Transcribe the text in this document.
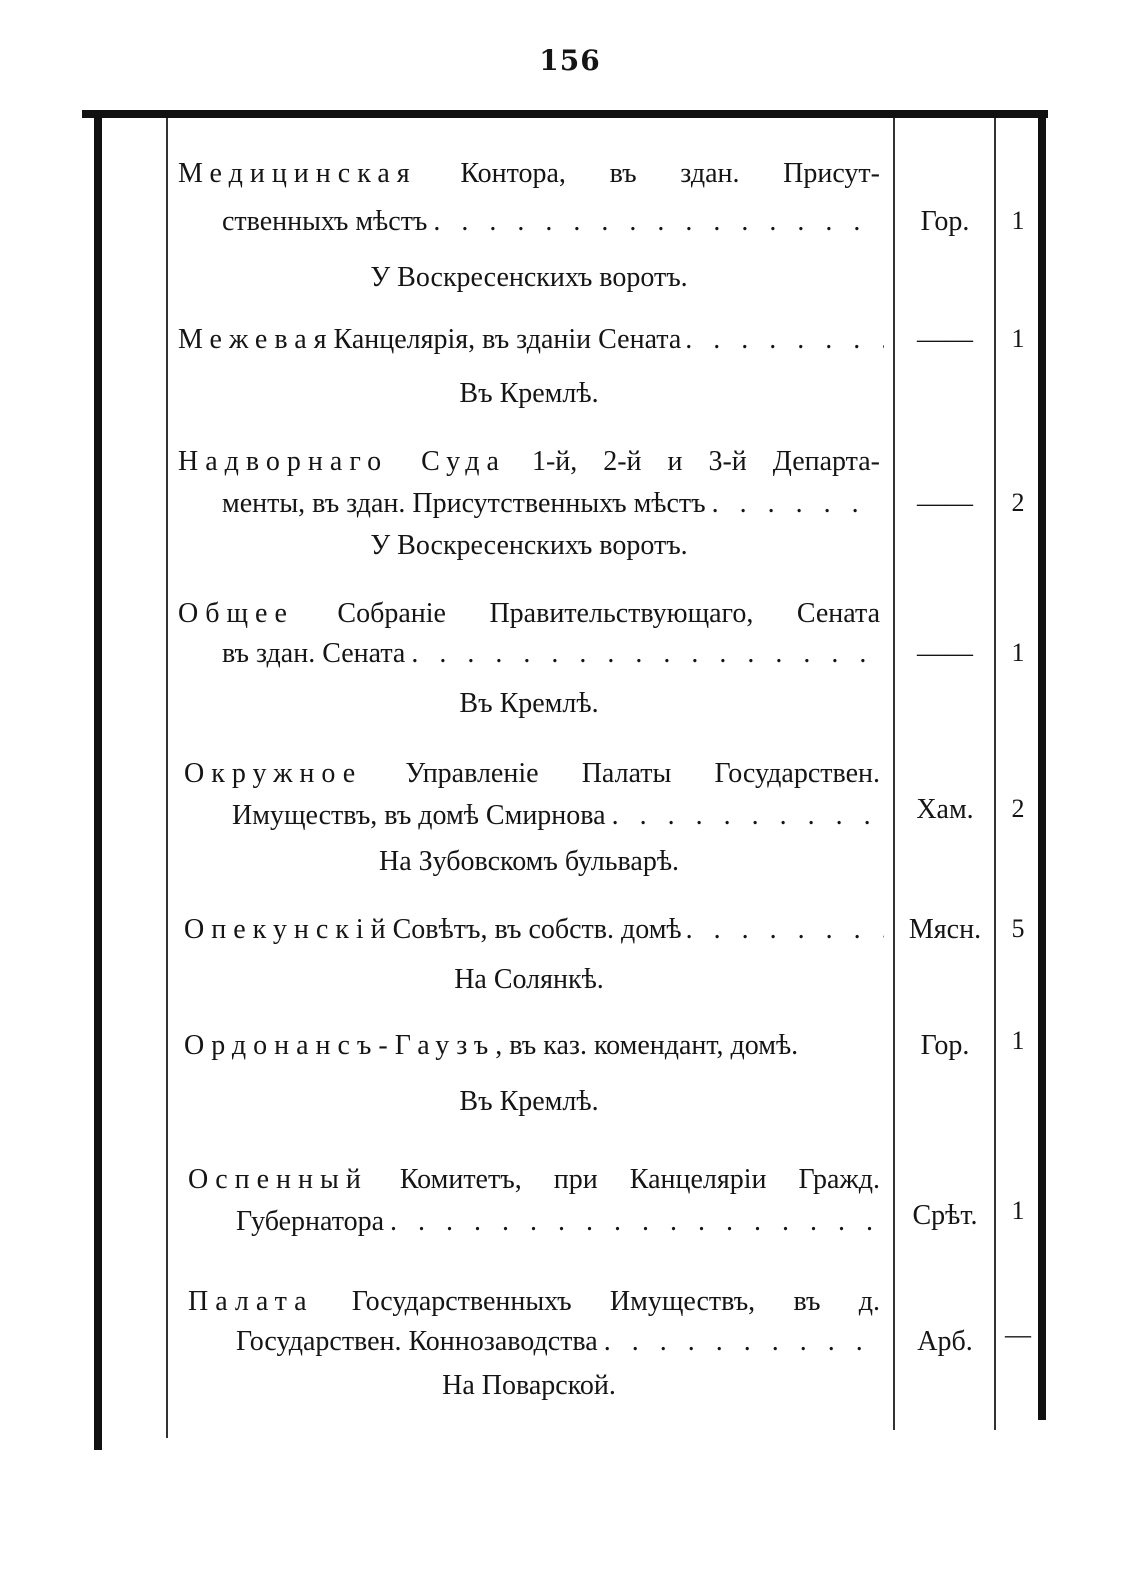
156
Медицинская Контора, въ здан. Присут-
ственныхъ мѣстъ
. . .
У Воскресенскихъ воротъ.
Гор.	1
Межевая Канцелярія, въ зданіи Сената
. . .
Въ Кремлѣ.
——	1
Надворнаго Суда 1-й, 2-й и 3-й Департа-
менты, въ здан. Присутственныхъ мѣстъ
. . .
У Воскресенскихъ воротъ.
——	2
Общее Собраніе Правительствующаго, Сената
въ здан. Сената
. . .
Въ Кремлѣ.
——	1
Окружное Управленіе Палаты Государствен.
Имуществъ, въ домѣ Смирнова
. . .
На Зубовскомъ бульварѣ.
Хам.	2
Опекунскій Совѣтъ, въ собств. домѣ
. . .
На Солянкѣ.
Мясн.	5
Ордонансъ-Гаузъ, въ каз. комендант, домѣ.
Въ Кремлѣ.
Гор.	1
Оспенный Комитетъ, при Канцеляріи Гражд.
Губернатора . . .	Срѣт.	1
Палата Государственныхъ Имуществъ, въ д.
Государствен. Коннозаводства
. . .
На Поварской.
Арб.	—
